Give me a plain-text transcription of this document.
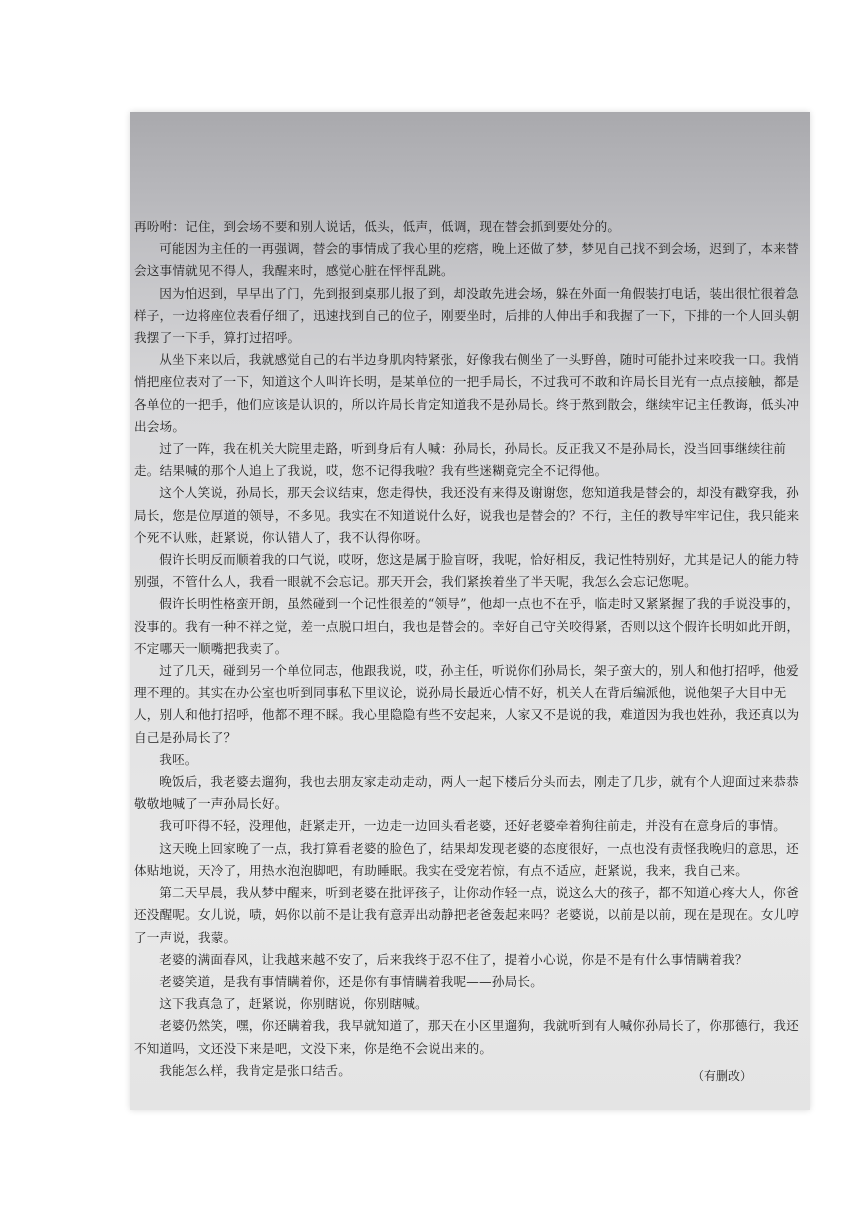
再吩咐：记住，到会场不要和别人说话，低头，低声，低调，现在替会抓到要处分的。

可能因为主任的一再强调，替会的事情成了我心里的疙瘩，晚上还做了梦，梦见自己找不到会场，迟到了，本来替会这事情就见不得人，我醒来时，感觉心脏在怦怦乱跳。

因为怕迟到，早早出了门，先到报到桌那儿报了到，却没敢先进会场，躲在外面一角假装打电话，装出很忙很着急样子，一边将座位表看仔细了，迅速找到自己的位子，刚要坐时，后排的人伸出手和我握了一下，下排的一个人回头朝我摆了一下手，算打过招呼。

从坐下来以后，我就感觉自己的右半边身肌肉特紧张，好像我右侧坐了一头野兽，随时可能扑过来咬我一口。我悄悄把座位表对了一下，知道这个人叫许长明，是某单位的一把手局长，不过我可不敢和许局长目光有一点点接触，都是各单位的一把手，他们应该是认识的，所以许局长肯定知道我不是孙局长。终于熬到散会，继续牢记主任教诲，低头冲出会场。

过了一阵，我在机关大院里走路，听到身后有人喊：孙局长，孙局长。反正我又不是孙局长，没当回事继续往前走。结果喊的那个人追上了我说，哎，您不记得我啦？我有些迷糊竟完全不记得他。

这个人笑说，孙局长，那天会议结束，您走得快，我还没有来得及谢谢您，您知道我是替会的，却没有戳穿我，孙局长，您是位厚道的领导，不多见。我实在不知道说什么好，说我也是替会的？不行，主任的教导牢牢记住，我只能来个死不认账，赶紧说，你认错人了，我不认得你呀。

假许长明反而顺着我的口气说，哎呀，您这是属于脸盲呀，我呢，恰好相反，我记性特别好，尤其是记人的能力特别强，不管什么人，我看一眼就不会忘记。那天开会，我们紧挨着坐了半天呢，我怎么会忘记您呢。

假许长明性格蛮开朗，虽然碰到一个记性很差的“领导”，他却一点也不在乎，临走时又紧紧握了我的手说没事的，没事的。我有一种不祥之觉，差一点脱口坦白，我也是替会的。幸好自己守关咬得紧，否则以这个假许长明如此开朗，不定哪天一顺嘴把我卖了。

过了几天，碰到另一个单位同志，他跟我说，哎，孙主任，听说你们孙局长，架子蛮大的，别人和他打招呼，他爱理不理的。其实在办公室也听到同事私下里议论，说孙局长最近心情不好，机关人在背后编派他，说他架子大目中无人，别人和他打招呼，他都不理不睬。我心里隐隐有些不安起来，人家又不是说的我，难道因为我也姓孙，我还真以为自己是孙局长了？

我呸。

晚饭后，我老婆去遛狗，我也去朋友家走动走动，两人一起下楼后分头而去，刚走了几步，就有个人迎面过来恭恭敬敬地喊了一声孙局长好。

我可吓得不轻，没理他，赶紧走开，一边走一边回头看老婆，还好老婆牵着狗往前走，并没有在意身后的事情。

这天晚上回家晚了一点，我打算看老婆的脸色了，结果却发现老婆的态度很好，一点也没有责怪我晚归的意思，还体贴地说，天冷了，用热水泡泡脚吧，有助睡眠。我实在受宠若惊，有点不适应，赶紧说，我来，我自己来。

第二天早晨，我从梦中醒来，听到老婆在批评孩子，让你动作轻一点，说这么大的孩子，都不知道心疼大人，你爸还没醒呢。女儿说，啧，妈你以前不是让我有意弄出动静把老爸轰起来吗？老婆说，以前是以前，现在是现在。女儿哼了一声说，我蒙。

老婆的满面春风，让我越来越不安了，后来我终于忍不住了，提着小心说，你是不是有什么事情瞒着我？

老婆笑道，是我有事情瞒着你，还是你有事情瞒着我呢——孙局长。

这下我真急了，赶紧说，你别瞎说，你别瞎喊。

老婆仍然笑，嘿，你还瞒着我，我早就知道了，那天在小区里遛狗，我就听到有人喊你孙局长了，你那德行，我还不知道吗，文还没下来是吧，文没下来，你是绝不会说出来的。

我能怎么样，我肯定是张口结舌。	（有删改）
